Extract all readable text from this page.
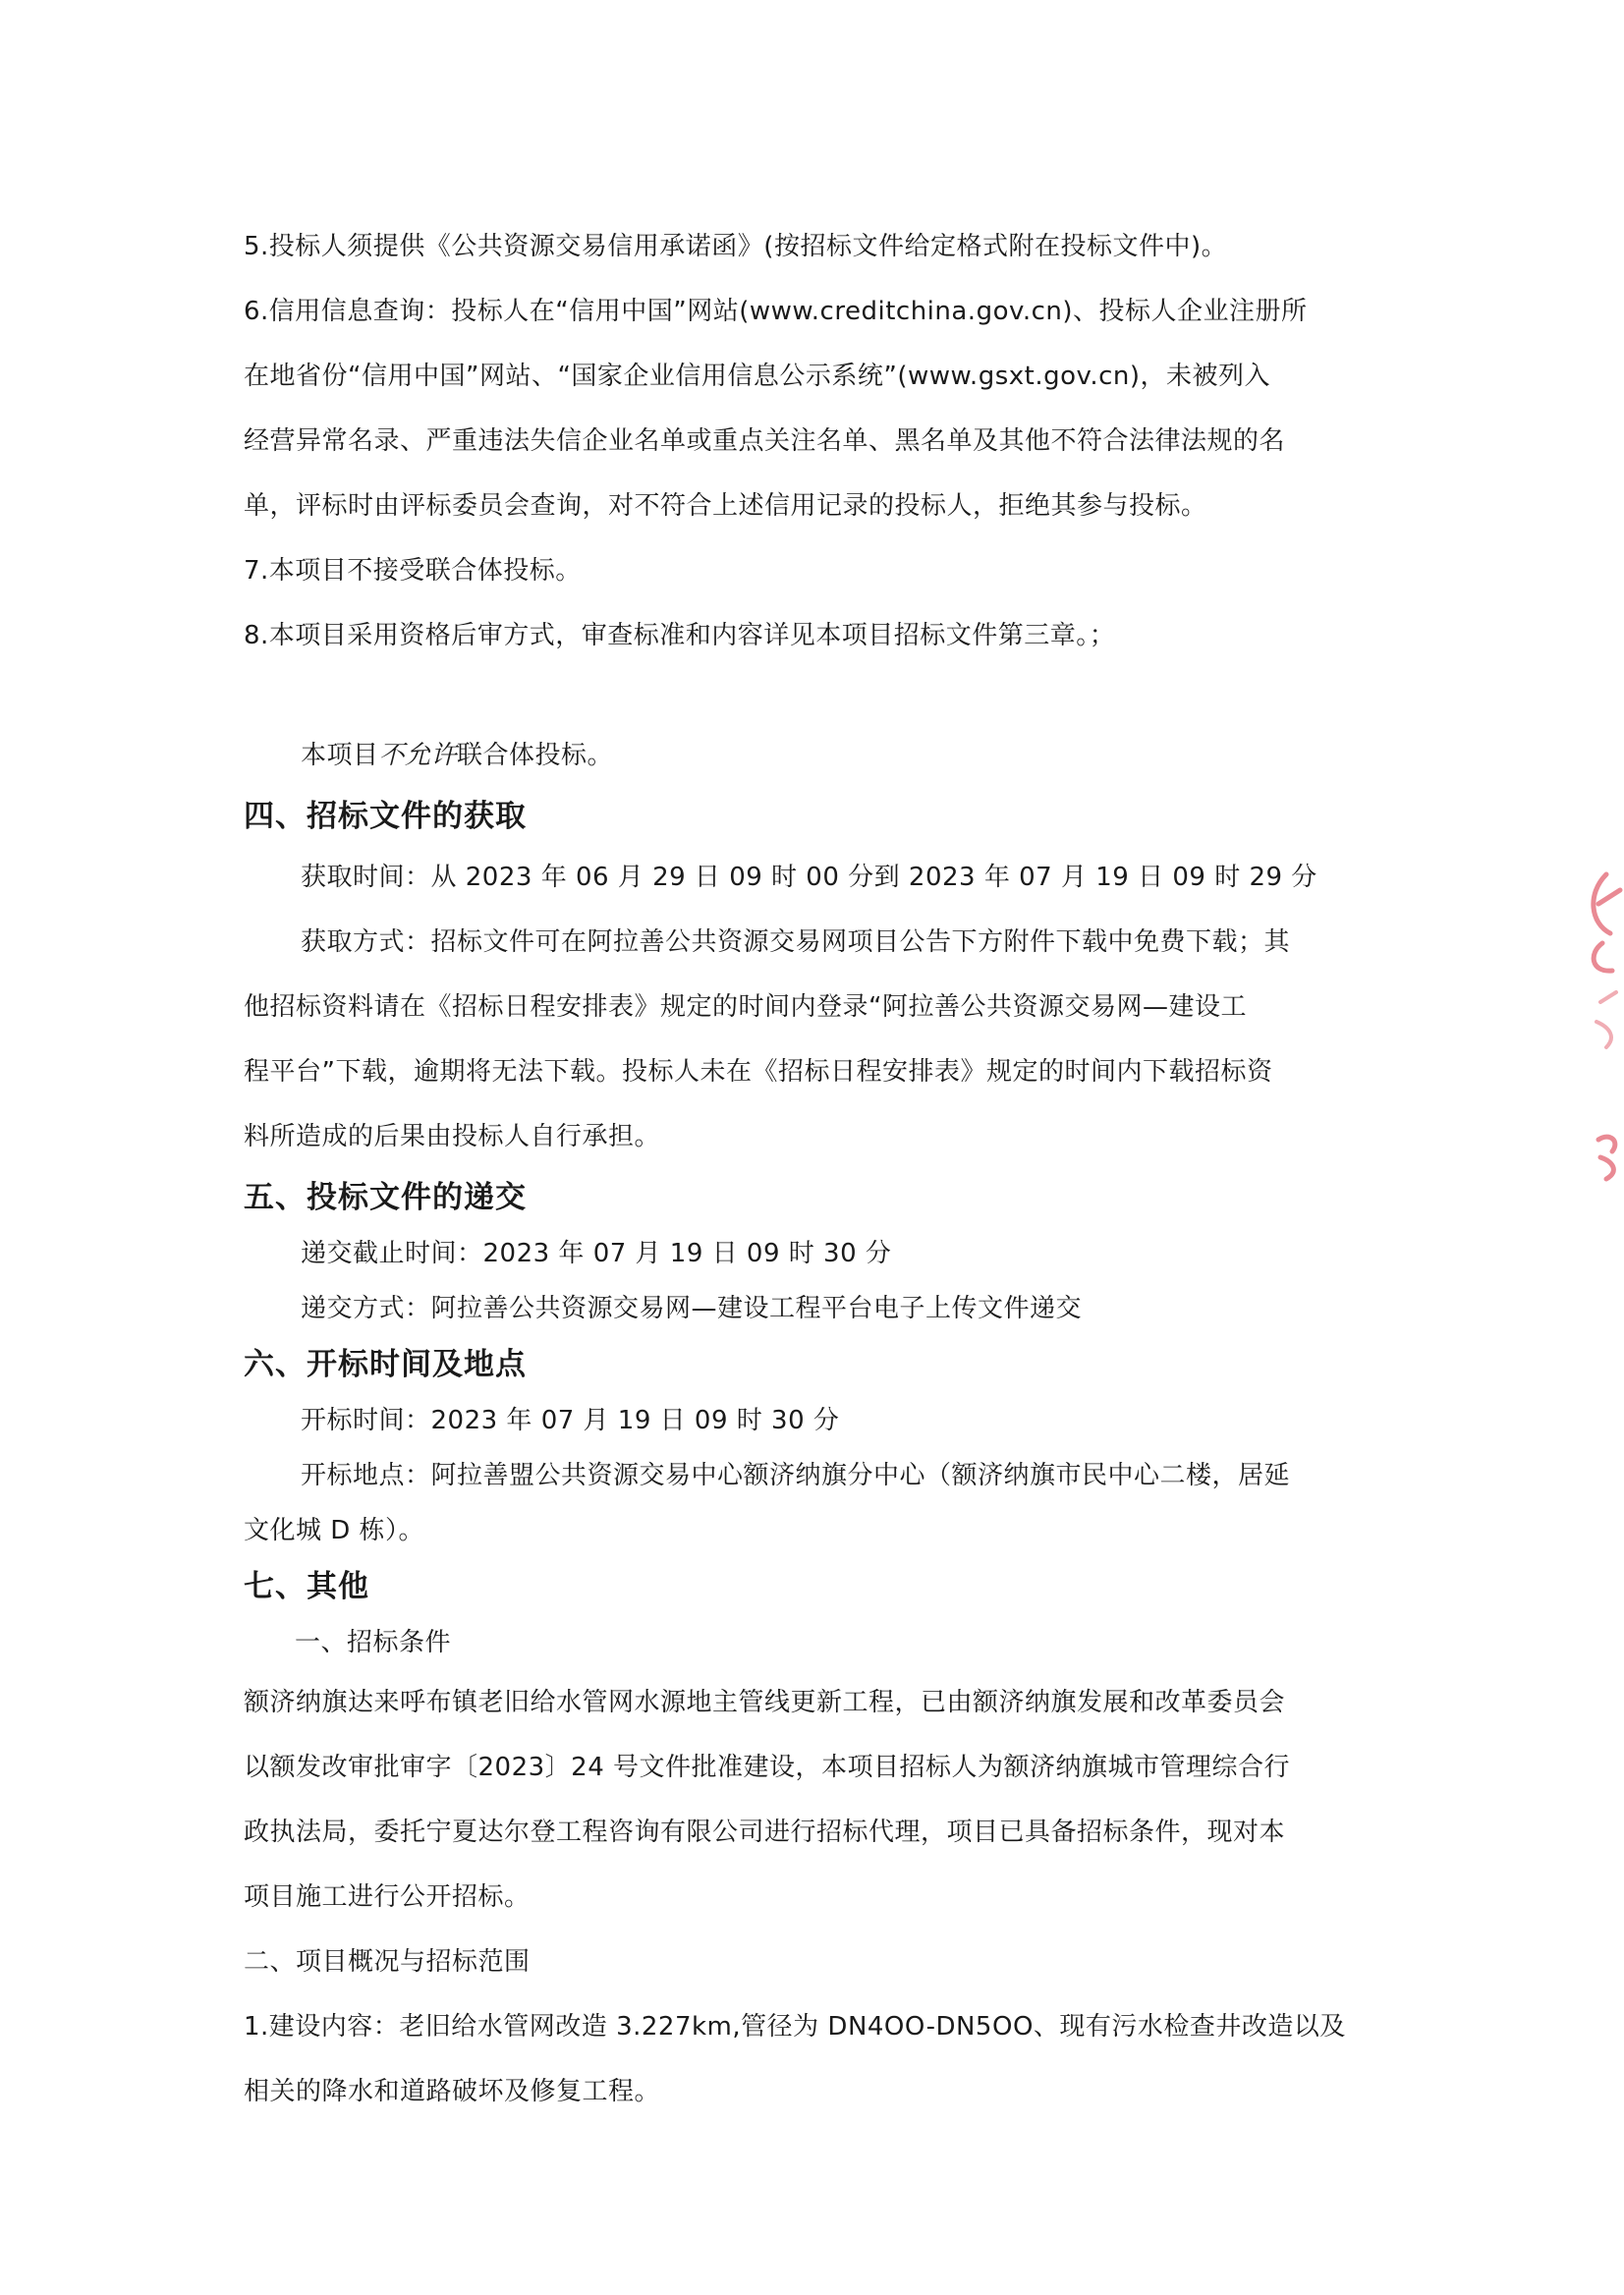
5.投标人须提供《公共资源交易信用承诺函》(按招标文件给定格式附在投标文件中)。
6.信用信息查询：投标人在“信用中国”网站(www.creditchina.gov.cn)、投标人企业注册所
在地省份“信用中国”网站、“国家企业信用信息公示系统”(www.gsxt.gov.cn)，未被列入
经营异常名录、严重违法失信企业名单或重点关注名单、黑名单及其他不符合法律法规的名
单，评标时由评标委员会查询，对不符合上述信用记录的投标人，拒绝其参与投标。
7.本项目不接受联合体投标。
8.本项目采用资格后审方式，审查标准和内容详见本项目招标文件第三章。；
本项目不允许联合体投标。
四、招标文件的获取
获取时间：从 2023 年 06 月 29 日 09 时 00 分到 2023 年 07 月 19 日 09 时 29 分
获取方式：招标文件可在阿拉善公共资源交易网项目公告下方附件下载中免费下载；其
他招标资料请在《招标日程安排表》规定的时间内登录“阿拉善公共资源交易网—建设工
程平台”下载，逾期将无法下载。投标人未在《招标日程安排表》规定的时间内下载招标资
料所造成的后果由投标人自行承担。
五、投标文件的递交
递交截止时间：2023 年 07 月 19 日 09 时 30 分
递交方式：阿拉善公共资源交易网—建设工程平台电子上传文件递交
六、开标时间及地点
开标时间：2023 年 07 月 19 日 09 时 30 分
开标地点：阿拉善盟公共资源交易中心额济纳旗分中心（额济纳旗市民中心二楼，居延
文化城 D 栋）。
七、其他
一、招标条件
额济纳旗达来呼布镇老旧给水管网水源地主管线更新工程，已由额济纳旗发展和改革委员会
以额发改审批审字〔2023〕24 号文件批准建设，本项目招标人为额济纳旗城市管理综合行
政执法局，委托宁夏达尔登工程咨询有限公司进行招标代理，项目已具备招标条件，现对本
项目施工进行公开招标。
二、项目概况与招标范围
1.建设内容：老旧给水管网改造 3.227km,管径为 DN4OO-DN5OO、现有污水检查井改造以及
相关的降水和道路破坏及修复工程。
